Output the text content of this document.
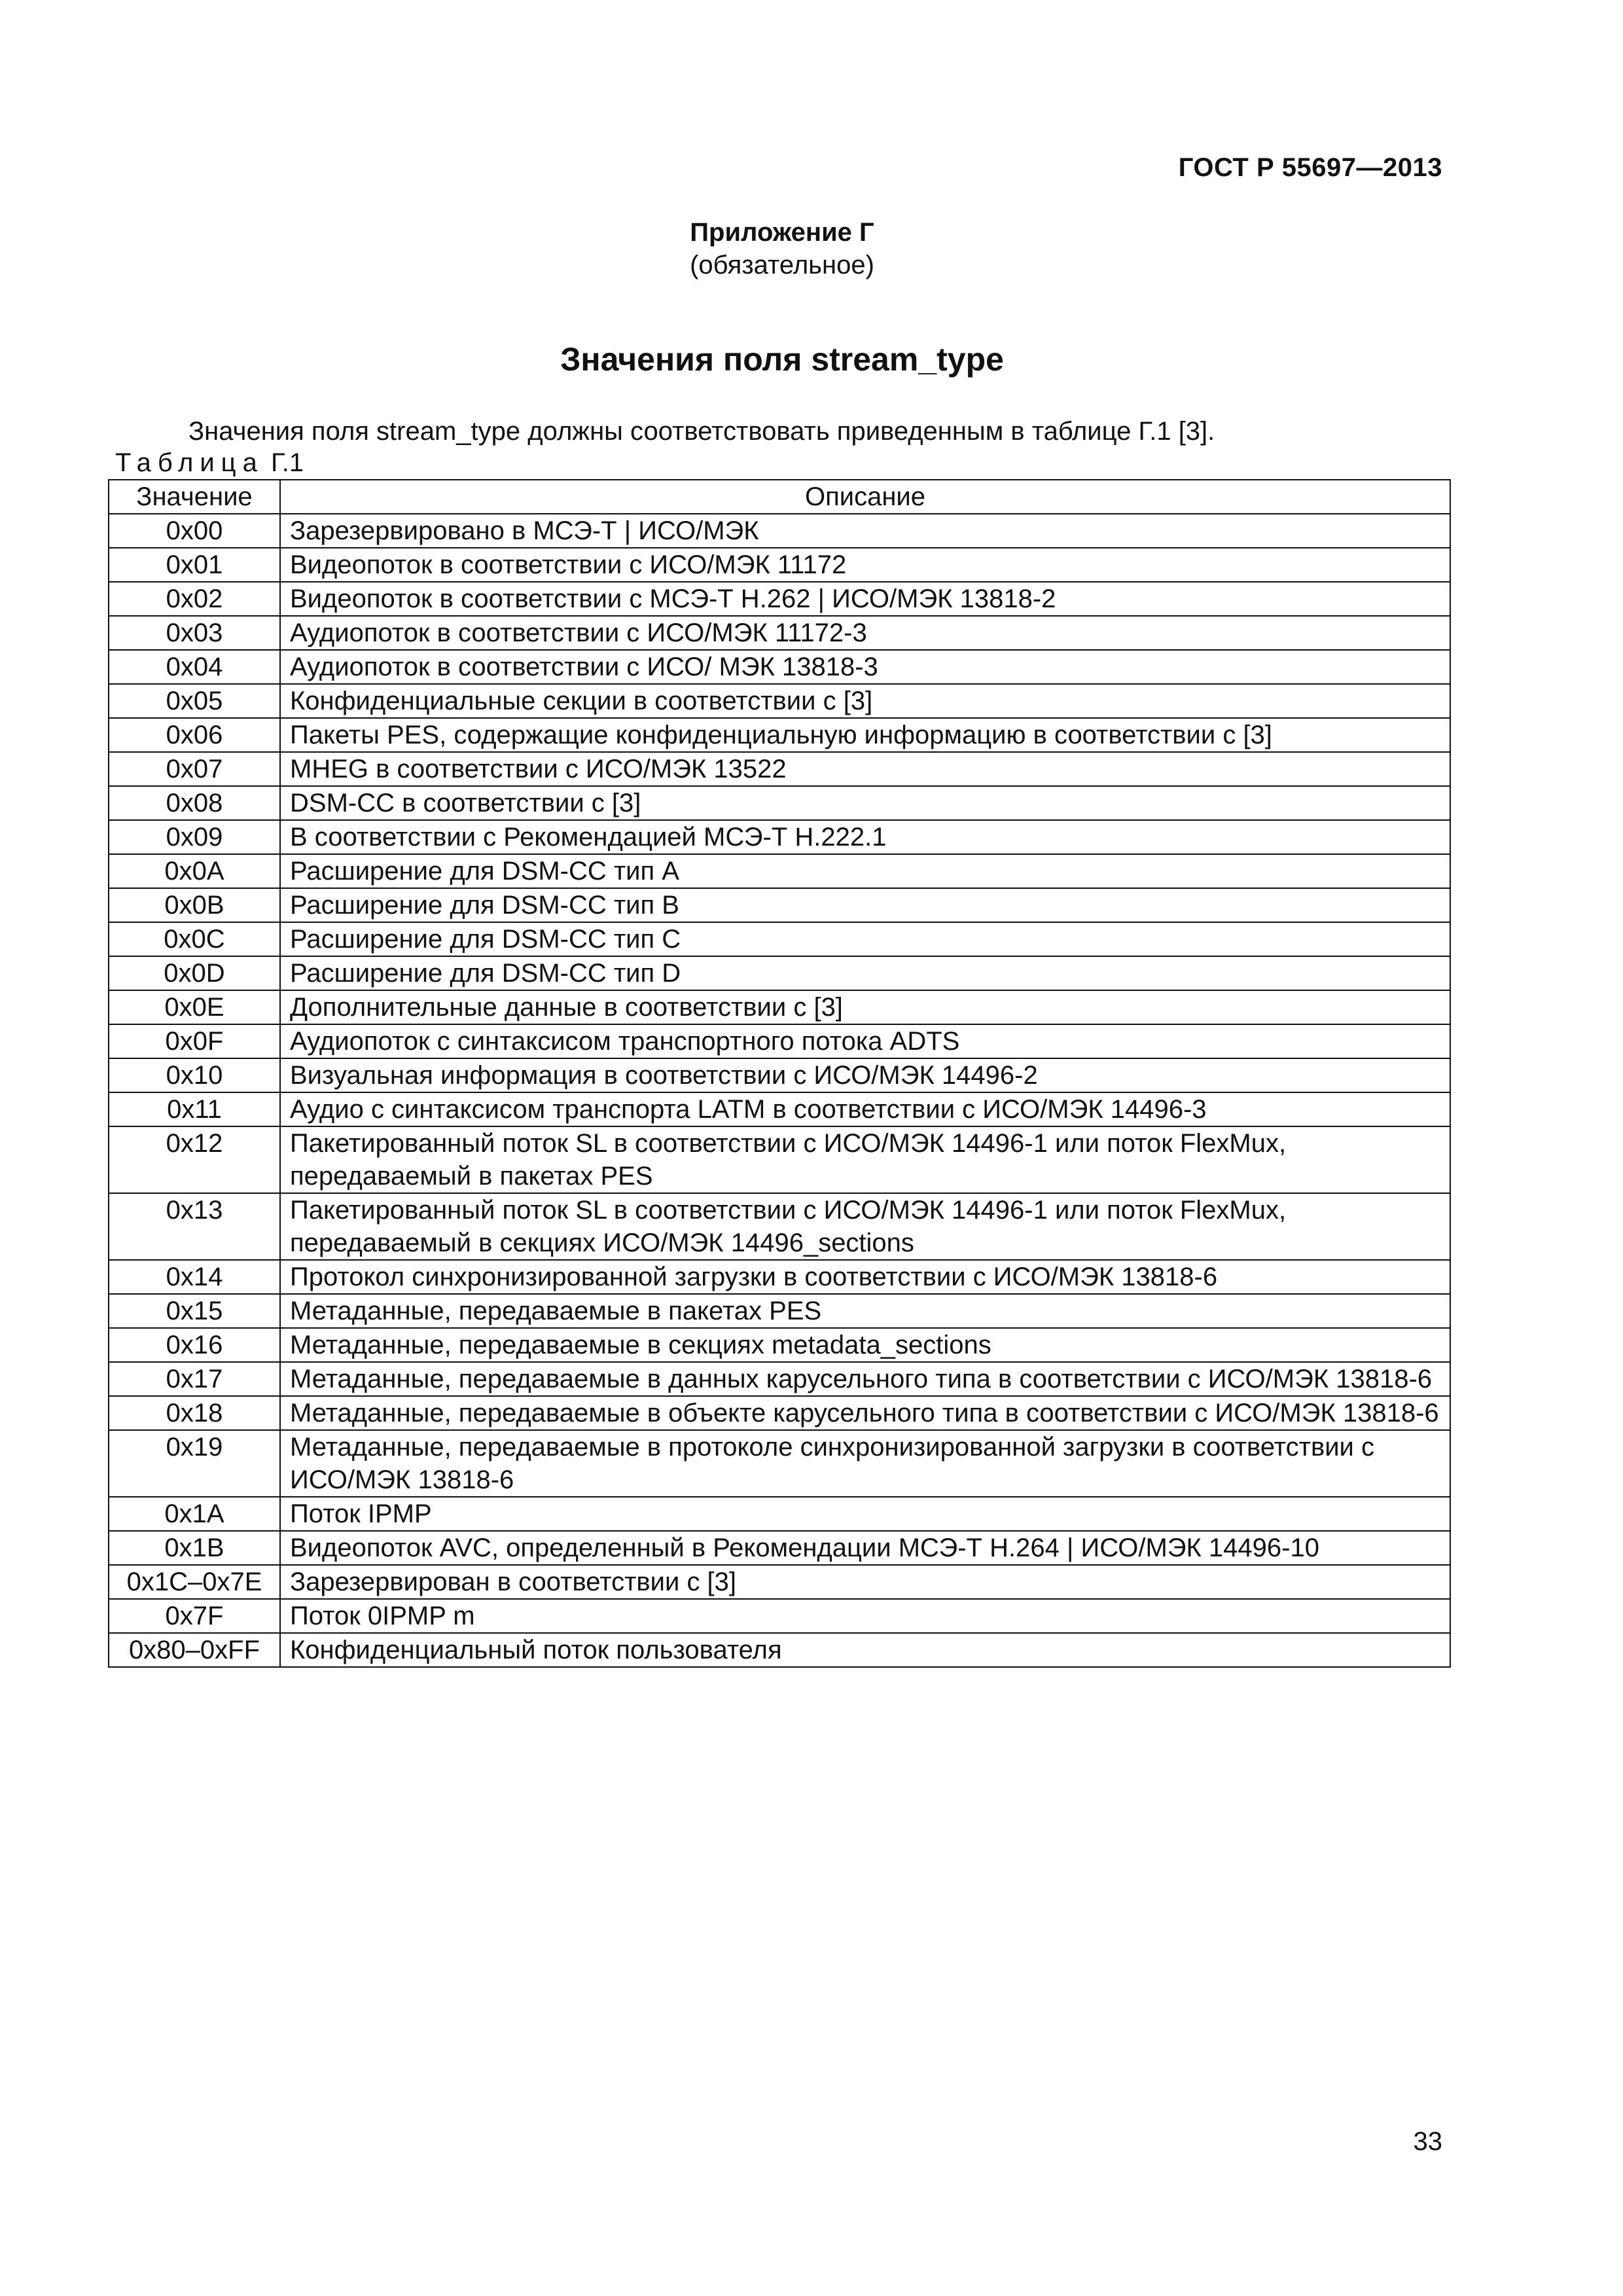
ГОСТ Р 55697—2013
Приложение Г
(обязательное)
Значения поля stream_type
Значения поля stream_type должны соответствовать приведенным в таблице Г.1 [3].
Таблица Г.1
Значение	Описание
0x00	Зарезервировано в МСЭ-Т | ИСО/МЭК
0x01	Видеопоток в соответствии с ИСО/МЭК 11172
0x02	Видеопоток в соответствии с МСЭ-Т H.262 | ИСО/МЭК 13818-2
0x03	Аудиопоток в соответствии с ИСО/МЭК 11172-3
0x04	Аудиопоток в соответствии с ИСО/ МЭК 13818-3
0x05	Конфиденциальные секции в соответствии с [3]
0x06	Пакеты PES, содержащие конфиденциальную информацию в соответствии с [3]
0x07	MHEG в соответствии с ИСО/МЭК 13522
0x08	DSM-CC в соответствии с [3]
0x09	В соответствии с Рекомендацией МСЭ-Т Н.222.1
0x0A	Расширение для DSM-CC тип A
0x0B	Расширение для DSM-CC тип B
0x0C	Расширение для DSM-CC тип C
0x0D	Расширение для DSM-CC тип D
0x0E	Дополнительные данные в соответствии с [3]
0x0F	Аудиопоток с синтаксисом транспортного потока ADTS
0x10	Визуальная информация в соответствии с ИСО/МЭК 14496-2
0x11	Аудио с синтаксисом транспорта LATM в соответствии с ИСО/МЭК 14496-3
0x12	Пакетированный поток SL в соответствии с ИСО/МЭК 14496-1 или поток FlexMux, передаваемый в пакетах PES
0x13	Пакетированный поток SL в соответствии с ИСО/МЭК 14496-1 или поток FlexMux, передаваемый в секциях ИСО/МЭК 14496_sections
0x14	Протокол синхронизированной загрузки в соответствии с ИСО/МЭК 13818-6
0x15	Метаданные, передаваемые в пакетах PES
0x16	Метаданные, передаваемые в секциях metadata_sections
0x17	Метаданные, передаваемые в данных карусельного типа в соответствии с ИСО/МЭК 13818-6
0x18	Метаданные, передаваемые в объекте карусельного типа в соответствии с ИСО/МЭК 13818-6
0x19	Метаданные, передаваемые в протоколе синхронизированной загрузки в соответствии с ИСО/МЭК 13818-6
0x1A	Поток IPMP
0x1B	Видеопоток AVC, определенный в Рекомендации МСЭ-Т H.264 | ИСО/МЭК 14496-10
0x1C–0x7E	Зарезервирован в соответствии с [3]
0x7F	Поток 0IPMP m
0x80–0xFF	Конфиденциальный поток пользователя
33
